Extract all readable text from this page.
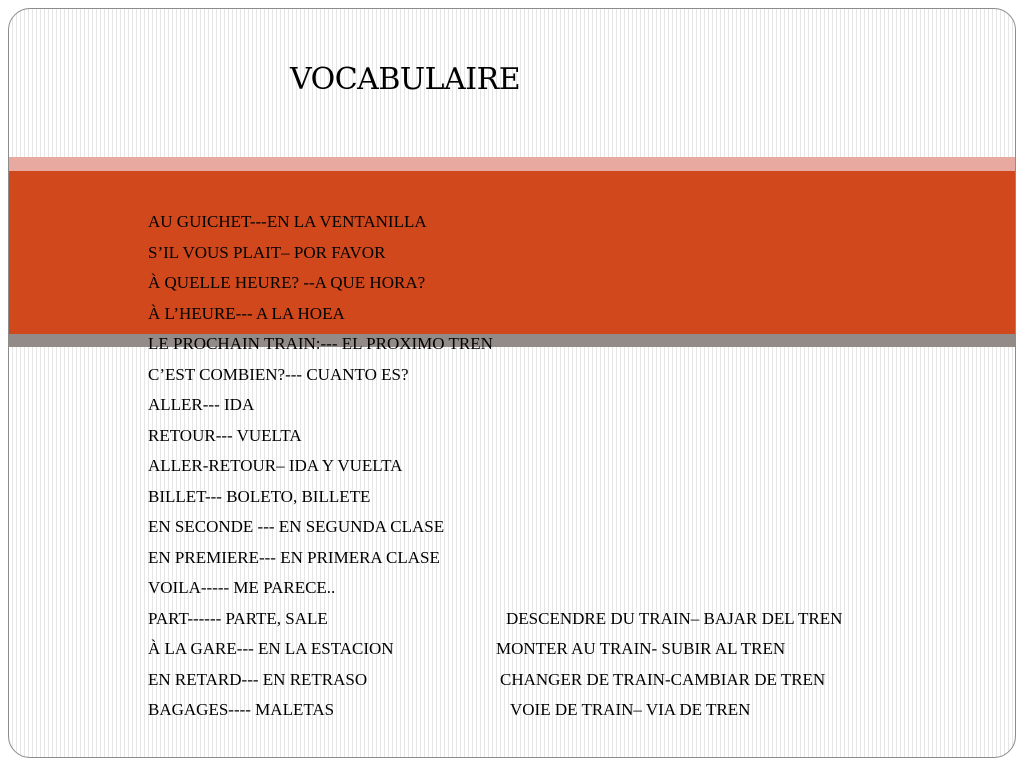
VOCABULAIRE
AU GUICHET---EN LA VENTANILLA
S’IL VOUS PLAIT– POR FAVOR
À QUELLE HEURE? --A QUE HORA?
À L’HEURE--- A LA HOEA
LE PROCHAIN TRAIN:--- EL PROXIMO TREN
C’EST COMBIEN?--- CUANTO ES?
ALLER--- IDA
RETOUR--- VUELTA
ALLER-RETOUR– IDA Y VUELTA
BILLET--- BOLETO, BILLETE
EN SECONDE --- EN SEGUNDA CLASE
EN PREMIERE--- EN PRIMERA CLASE
VOILA----- ME PARECE..
PART------ PARTE, SALE	DESCENDRE DU TRAIN– BAJAR DEL TREN
À LA GARE--- EN LA ESTACION	MONTER AU TRAIN- SUBIR AL TREN
EN RETARD--- EN RETRASO	CHANGER DE TRAIN-CAMBIAR DE TREN
BAGAGES---- MALETAS	VOIE DE TRAIN– VIA DE TREN
